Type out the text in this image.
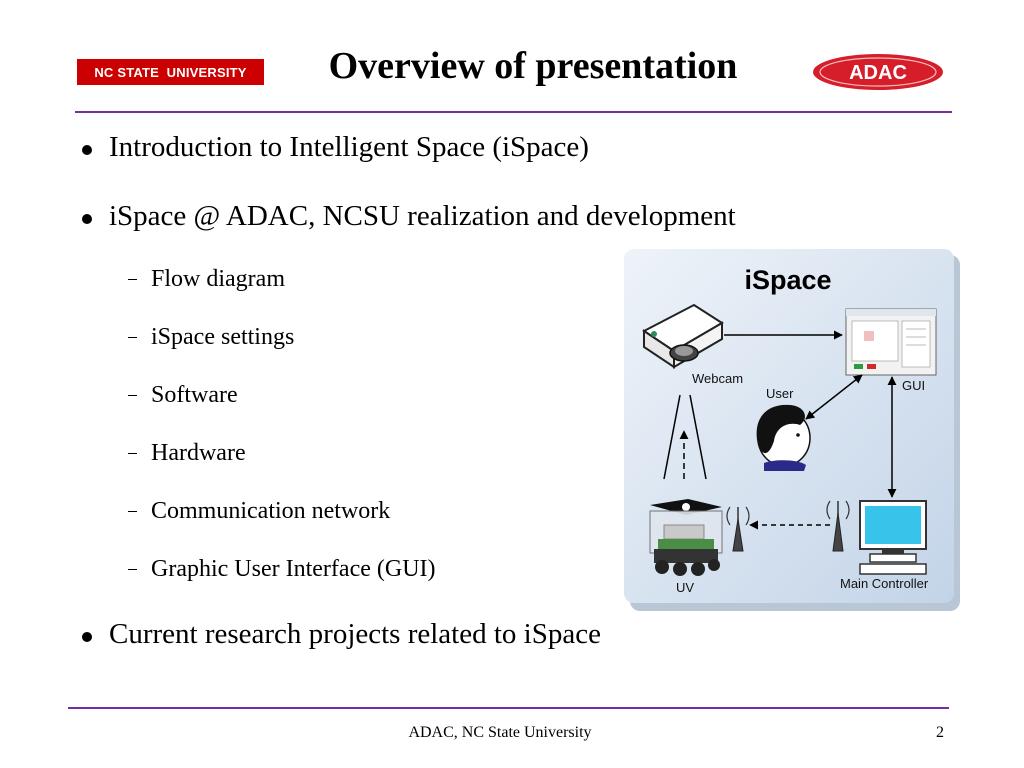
NC STATE  UNIVERSITY	Overview of presentation	ADAC
Introduction to Intelligent Space (iSpace)
iSpace @ ADAC, NCSU realization and development
Flow diagram
iSpace settings
Software
Hardware
Communication network
Graphic User Interface (GUI)
Current research projects related to iSpace
iSpace
Webcam	GUI
User
UV	Main Controller
ADAC, NC State University	2
